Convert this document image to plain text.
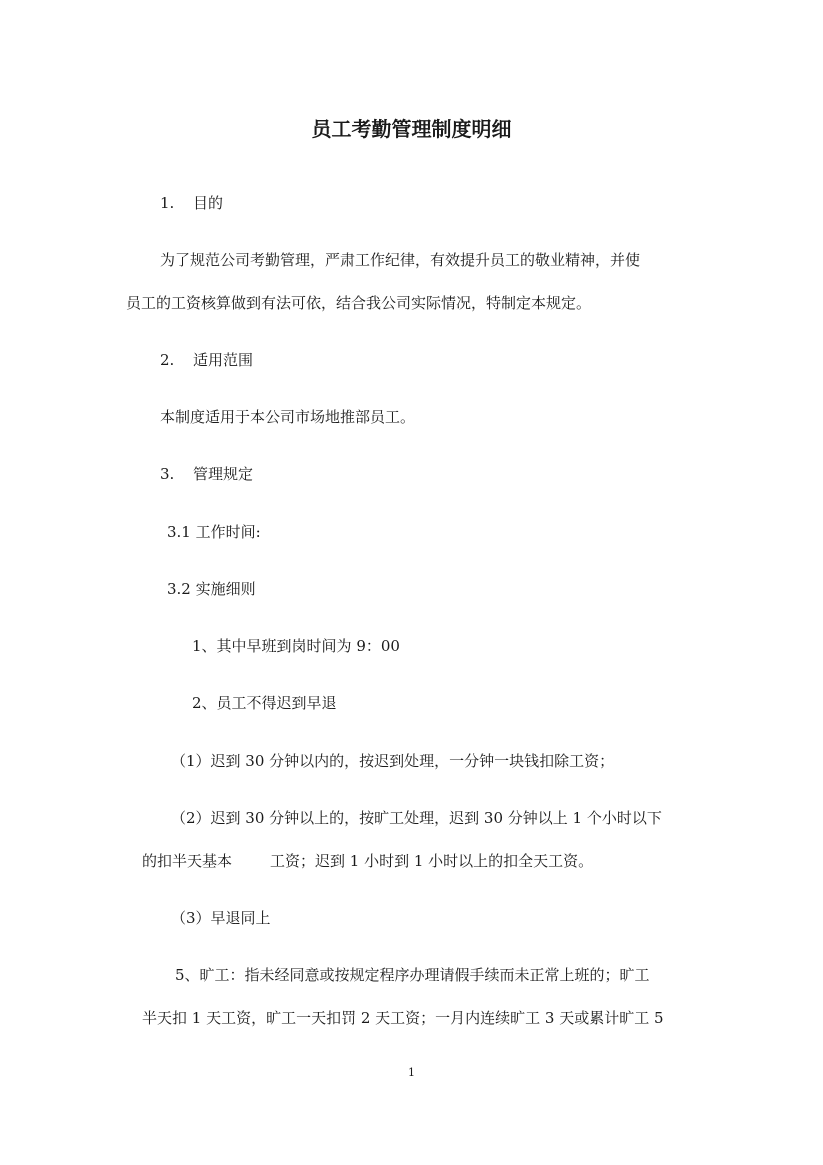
员工考勤管理制度明细
1. 目的
为了规范公司考勤管理，严肃工作纪律，有效提升员工的敬业精神，并使
员工的工资核算做到有法可依，结合我公司实际情况，特制定本规定。
2. 适用范围
本制度适用于本公司市场地推部员工。
3. 管理规定
3.1 工作时间:
3.2 实施细则
1、其中早班到岗时间为 9：00
2、员工不得迟到早退
（1）迟到 30 分钟以内的，按迟到处理，一分钟一块钱扣除工资；
（2）迟到 30 分钟以上的，按旷工处理，迟到 30 分钟以上 1 个小时以下
的扣半天基本	工资；迟到 1 小时到 1 小时以上的扣全天工资。
（3）早退同上
5、旷工：指未经同意或按规定程序办理请假手续而未正常上班的；旷工
半天扣 1 天工资，旷工一天扣罚 2 天工资；一月内连续旷工 3 天或累计旷工 5
1
